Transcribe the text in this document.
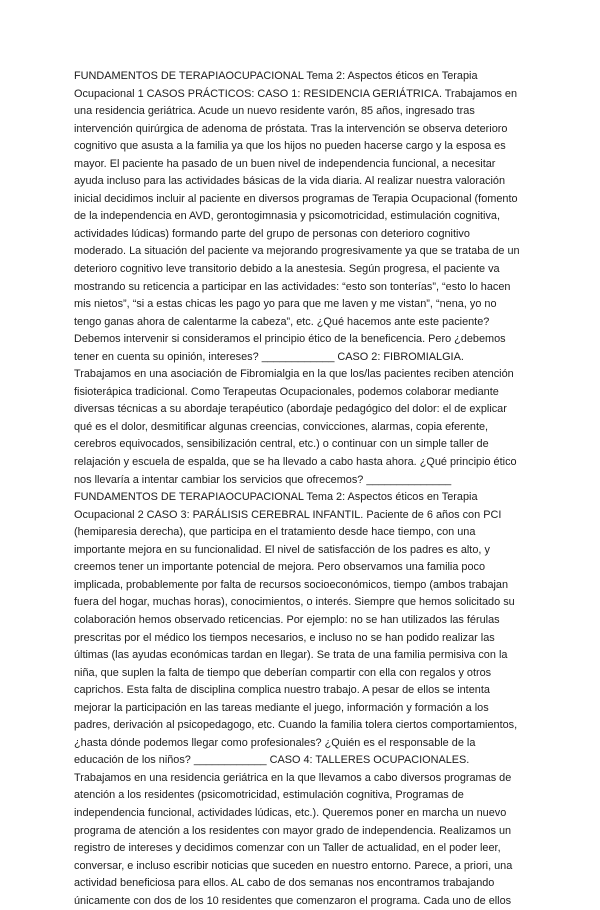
FUNDAMENTOS DE TERAPIAOCUPACIONAL Tema 2: Aspectos éticos en Terapia
Ocupacional 1 CASOS PRÁCTICOS: CASO 1: RESIDENCIA GERIÁTRICA. Trabajamos en
una residencia geriátrica. Acude un nuevo residente varón, 85 años, ingresado tras
intervención quirúrgica de adenoma de próstata. Tras la intervención se observa deterioro
cognitivo que asusta a la familia ya que los hijos no pueden hacerse cargo y la esposa es
mayor. El paciente ha pasado de un buen nivel de independencia funcional, a necesitar
ayuda incluso para las actividades básicas de la vida diaria. Al realizar nuestra valoración
inicial decidimos incluir al paciente en diversos programas de Terapia Ocupacional (fomento
de la independencia en AVD, gerontogimnasia y psicomotricidad, estimulación cognitiva,
actividades lúdicas) formando parte del grupo de personas con deterioro cognitivo
moderado. La situación del paciente va mejorando progresivamente ya que se trataba de un
deterioro cognitivo leve transitorio debido a la anestesia. Según progresa, el paciente va
mostrando su reticencia a participar en las actividades: “esto son tonterías”, “esto lo hacen
mis nietos”, “si a estas chicas les pago yo para que me laven y me vistan”, “nena, yo no
tengo ganas ahora de calentarme la cabeza”, etc. ¿Qué hacemos ante este paciente?
Debemos intervenir si consideramos el principio ético de la beneficencia. Pero ¿debemos
tener en cuenta su opinión, intereses? ____________ CASO 2: FIBROMIALGIA.
Trabajamos en una asociación de Fibromialgia en la que los/las pacientes reciben atención
fisioterápica tradicional. Como Terapeutas Ocupacionales, podemos colaborar mediante
diversas técnicas a su abordaje terapéutico (abordaje pedagógico del dolor: el de explicar
qué es el dolor, desmitificar algunas creencias, convicciones, alarmas, copia eferente,
cerebros equivocados, sensibilización central, etc.) o continuar con un simple taller de
relajación y escuela de espalda, que se ha llevado a cabo hasta ahora. ¿Qué principio ético
nos llevaría a intentar cambiar los servicios que ofrecemos? ______________
FUNDAMENTOS DE TERAPIAOCUPACIONAL Tema 2: Aspectos éticos en Terapia
Ocupacional 2 CASO 3: PARÁLISIS CEREBRAL INFANTIL. Paciente de 6 años con PCI
(hemiparesia derecha), que participa en el tratamiento desde hace tiempo, con una
importante mejora en su funcionalidad. El nivel de satisfacción de los padres es alto, y
creemos tener un importante potencial de mejora. Pero observamos una familia poco
implicada, probablemente por falta de recursos socioeconómicos, tiempo (ambos trabajan
fuera del hogar, muchas horas), conocimientos, o interés. Siempre que hemos solicitado su
colaboración hemos observado reticencias. Por ejemplo: no se han utilizados las férulas
prescritas por el médico los tiempos necesarios, e incluso no se han podido realizar las
últimas (las ayudas económicas tardan en llegar). Se trata de una familia permisiva con la
niña, que suplen la falta de tiempo que deberían compartir con ella con regalos y otros
caprichos. Esta falta de disciplina complica nuestro trabajo. A pesar de ellos se intenta
mejorar la participación en las tareas mediante el juego, información y formación a los
padres, derivación al psicopedagogo, etc. Cuando la familia tolera ciertos comportamientos,
¿hasta dónde podemos llegar como profesionales? ¿Quién es el responsable de la
educación de los niños? ____________ CASO 4: TALLERES OCUPACIONALES.
Trabajamos en una residencia geriátrica en la que llevamos a cabo diversos programas de
atención a los residentes (psicomotricidad, estimulación cognitiva, Programas de
independencia funcional, actividades lúdicas, etc.). Queremos poner en marcha un nuevo
programa de atención a los residentes con mayor grado de independencia. Realizamos un
registro de intereses y decidimos comenzar con un Taller de actualidad, en el poder leer,
conversar, e incluso escribir noticias que suceden en nuestro entorno. Parece, a priori, una
actividad beneficiosa para ellos. AL cabo de dos semanas nos encontramos trabajando
únicamente con dos de los 10 residentes que comenzaron el programa. Cada uno de ellos
